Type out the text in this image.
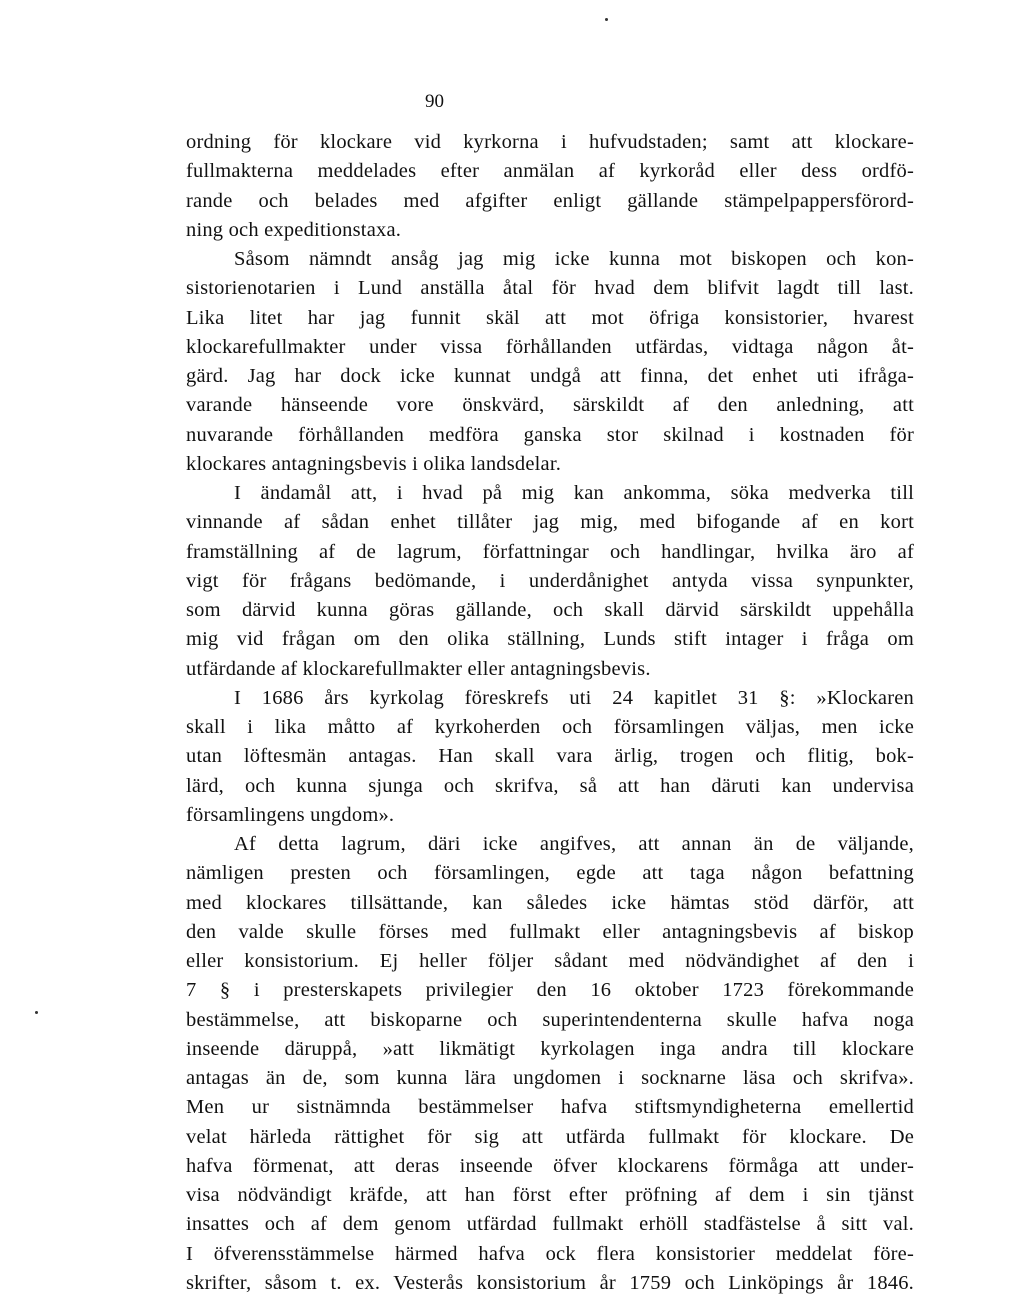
90
ordning för klockare vid kyrkorna i hufvudstaden; samt att klockare-
fullmakterna meddelades efter anmälan af kyrkoråd eller dess ordfö-
rande och belades med afgifter enligt gällande stämpelpappersförord-
ning och expeditionstaxa.
Såsom nämndt ansåg jag mig icke kunna mot biskopen och kon-
sistorienotarien i Lund anställa åtal för hvad dem blifvit lagdt till last.
Lika litet har jag funnit skäl att mot öfriga konsistorier, hvarest
klockarefullmakter under vissa förhållanden utfärdas, vidtaga någon åt-
gärd. Jag har dock icke kunnat undgå att finna, det enhet uti ifråga-
varande hänseende vore önskvärd, särskildt af den anledning, att
nuvarande förhållanden medföra ganska stor skilnad i kostnaden för
klockares antagningsbevis i olika landsdelar.
I ändamål att, i hvad på mig kan ankomma, söka medverka till
vinnande af sådan enhet tillåter jag mig, med bifogande af en kort
framställning af de lagrum, författningar och handlingar, hvilka äro af
vigt för frågans bedömande, i underdånighet antyda vissa synpunkter,
som därvid kunna göras gällande, och skall därvid särskildt uppehålla
mig vid frågan om den olika ställning, Lunds stift intager i fråga om
utfärdande af klockarefullmakter eller antagningsbevis.
I 1686 års kyrkolag föreskrefs uti 24 kapitlet 31 §: »Klockaren
skall i lika måtto af kyrkoherden och församlingen väljas, men icke
utan löftesmän antagas. Han skall vara ärlig, trogen och flitig, bok-
lärd, och kunna sjunga och skrifva, så att han däruti kan undervisa
församlingens ungdom».
Af detta lagrum, däri icke angifves, att annan än de väljande,
nämligen presten och församlingen, egde att taga någon befattning
med klockares tillsättande, kan således icke hämtas stöd därför, att
den valde skulle förses med fullmakt eller antagningsbevis af biskop
eller konsistorium. Ej heller följer sådant med nödvändighet af den i
7 § i presterskapets privilegier den 16 oktober 1723 förekommande
bestämmelse, att biskoparne och superintendenterna skulle hafva noga
inseende däruppå, »att likmätigt kyrkolagen inga andra till klockare
antagas än de, som kunna lära ungdomen i socknarne läsa och skrifva».
Men ur sistnämnda bestämmelser hafva stiftsmyndigheterna emellertid
velat härleda rättighet för sig att utfärda fullmakt för klockare. De
hafva förmenat, att deras inseende öfver klockarens förmåga att under-
visa nödvändigt kräfde, att han först efter pröfning af dem i sin tjänst
insattes och af dem genom utfärdad fullmakt erhöll stadfästelse å sitt val.
I öfverensstämmelse härmed hafva ock flera konsistorier meddelat före-
skrifter, såsom t. ex. Vesterås konsistorium år 1759 och Linköpings år 1846.
